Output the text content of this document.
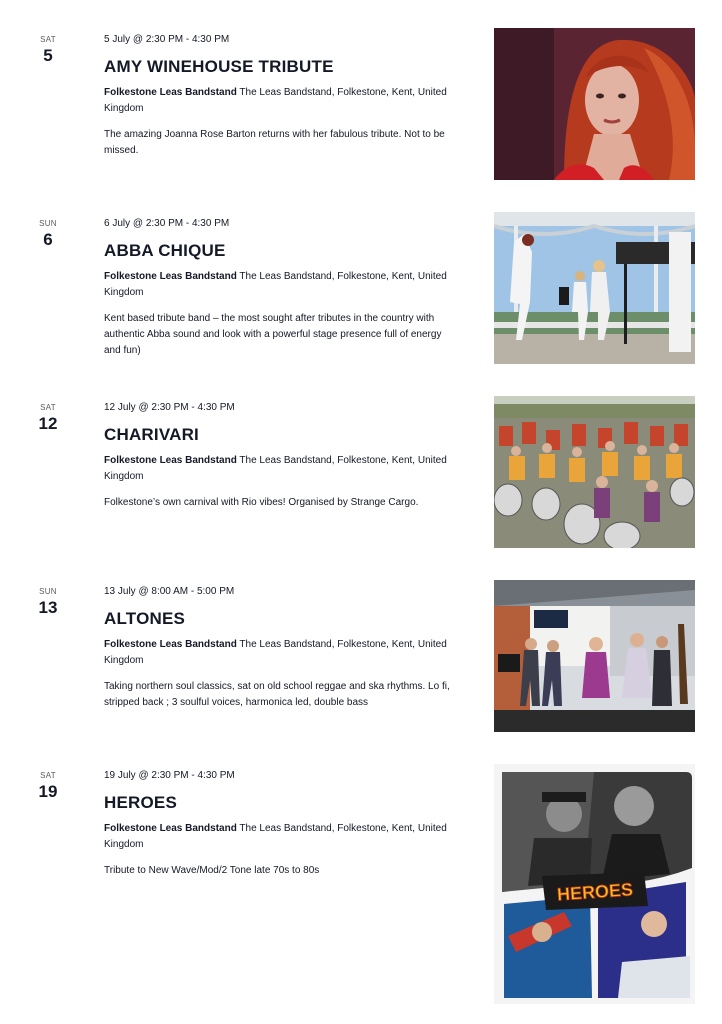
SAT
5
5 July @ 2:30 PM - 4:30 PM
AMY WINEHOUSE TRIBUTE
Folkestone Leas Bandstand The Leas Bandstand, Folkestone, Kent, United Kingdom
The amazing Joanna Rose Barton returns with her fabulous tribute. Not to be missed.
SUN
6
6 July @ 2:30 PM - 4:30 PM
ABBA CHIQUE
Folkestone Leas Bandstand The Leas Bandstand, Folkestone, Kent, United Kingdom
Kent based tribute band – the most sought after tributes in the country with authentic Abba sound and look with a powerful stage presence full of energy and fun)
SAT
12
12 July @ 2:30 PM - 4:30 PM
CHARIVARI
Folkestone Leas Bandstand The Leas Bandstand, Folkestone, Kent, United Kingdom
Folkestone’s own carnival with Rio vibes! Organised by Strange Cargo.
SUN
13
13 July @ 8:00 AM - 5:00 PM
ALTONES
Folkestone Leas Bandstand The Leas Bandstand, Folkestone, Kent, United Kingdom
Taking northern soul classics, sat on old school reggae and ska rhythms. Lo fi, stripped back ; 3 soulful voices, harmonica led, double bass
SAT
19
19 July @ 2:30 PM - 4:30 PM
HEROES
Folkestone Leas Bandstand The Leas Bandstand, Folkestone, Kent, United Kingdom
Tribute to New Wave/Mod/2 Tone late 70s to 80s
HEROES
